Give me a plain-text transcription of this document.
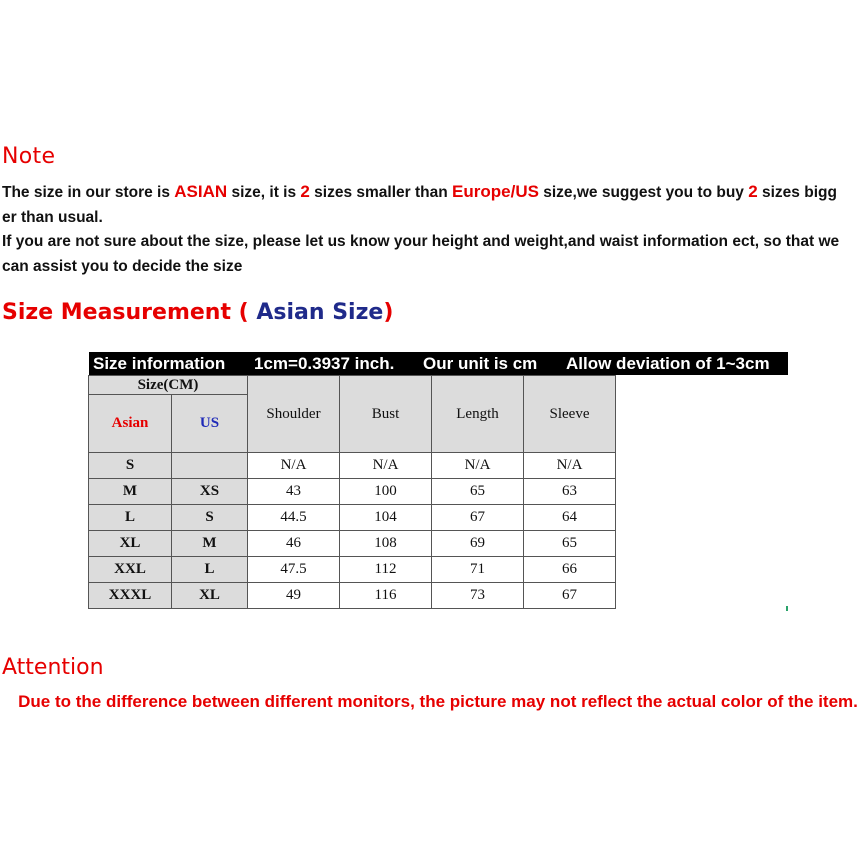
Note
The size in our store is ASIAN size, it is 2 sizes smaller than Europe/US size,we suggest you to buy 2 sizes bigg
er than usual.
If you are not sure about the size, please let us know your height and weight,and waist information ect, so that we
can assist you to decide the size
Size Measurement ( Asian Size)
Size information 1cm=0.3937 inch. Our unit is cm Allow deviation of 1~3cm
Size(CM)		Shoulder	Bust	Length	Sleeve
Asian	US				
S		N/A	N/A	N/A	N/A
M	XS	43	100	65	63
L	S	44.5	104	67	64
XL	M	46	108	69	65
XXL	L	47.5	112	71	66
XXXL	XL	49	116	73	67
Attention
Due to the difference between different monitors, the picture may not reflect the actual color of the item.
